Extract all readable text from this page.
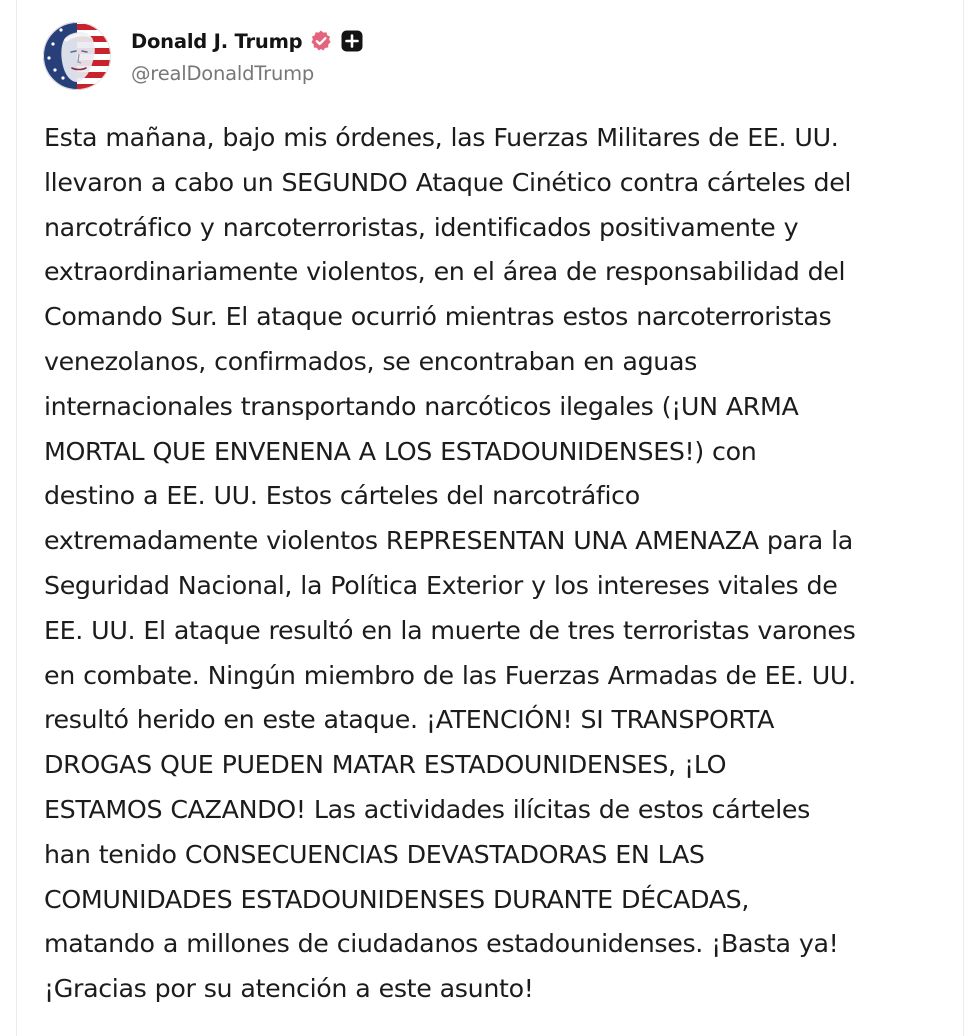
Donald J. Trump
@realDonaldTrump
Esta mañana, bajo mis órdenes, las Fuerzas Militares de EE. UU.
llevaron a cabo un SEGUNDO Ataque Cinético contra cárteles del
narcotráfico y narcoterroristas, identificados positivamente y
extraordinariamente violentos, en el área de responsabilidad del
Comando Sur. El ataque ocurrió mientras estos narcoterroristas
venezolanos, confirmados, se encontraban en aguas
internacionales transportando narcóticos ilegales (¡UN ARMA
MORTAL QUE ENVENENA A LOS ESTADOUNIDENSES!) con
destino a EE. UU. Estos cárteles del narcotráfico
extremadamente violentos REPRESENTAN UNA AMENAZA para la
Seguridad Nacional, la Política Exterior y los intereses vitales de
EE. UU. El ataque resultó en la muerte de tres terroristas varones
en combate. Ningún miembro de las Fuerzas Armadas de EE. UU.
resultó herido en este ataque. ¡ATENCIÓN! SI TRANSPORTA
DROGAS QUE PUEDEN MATAR ESTADOUNIDENSES, ¡LO
ESTAMOS CAZANDO! Las actividades ilícitas de estos cárteles
han tenido CONSECUENCIAS DEVASTADORAS EN LAS
COMUNIDADES ESTADOUNIDENSES DURANTE DÉCADAS,
matando a millones de ciudadanos estadounidenses. ¡Basta ya!
¡Gracias por su atención a este asunto!
